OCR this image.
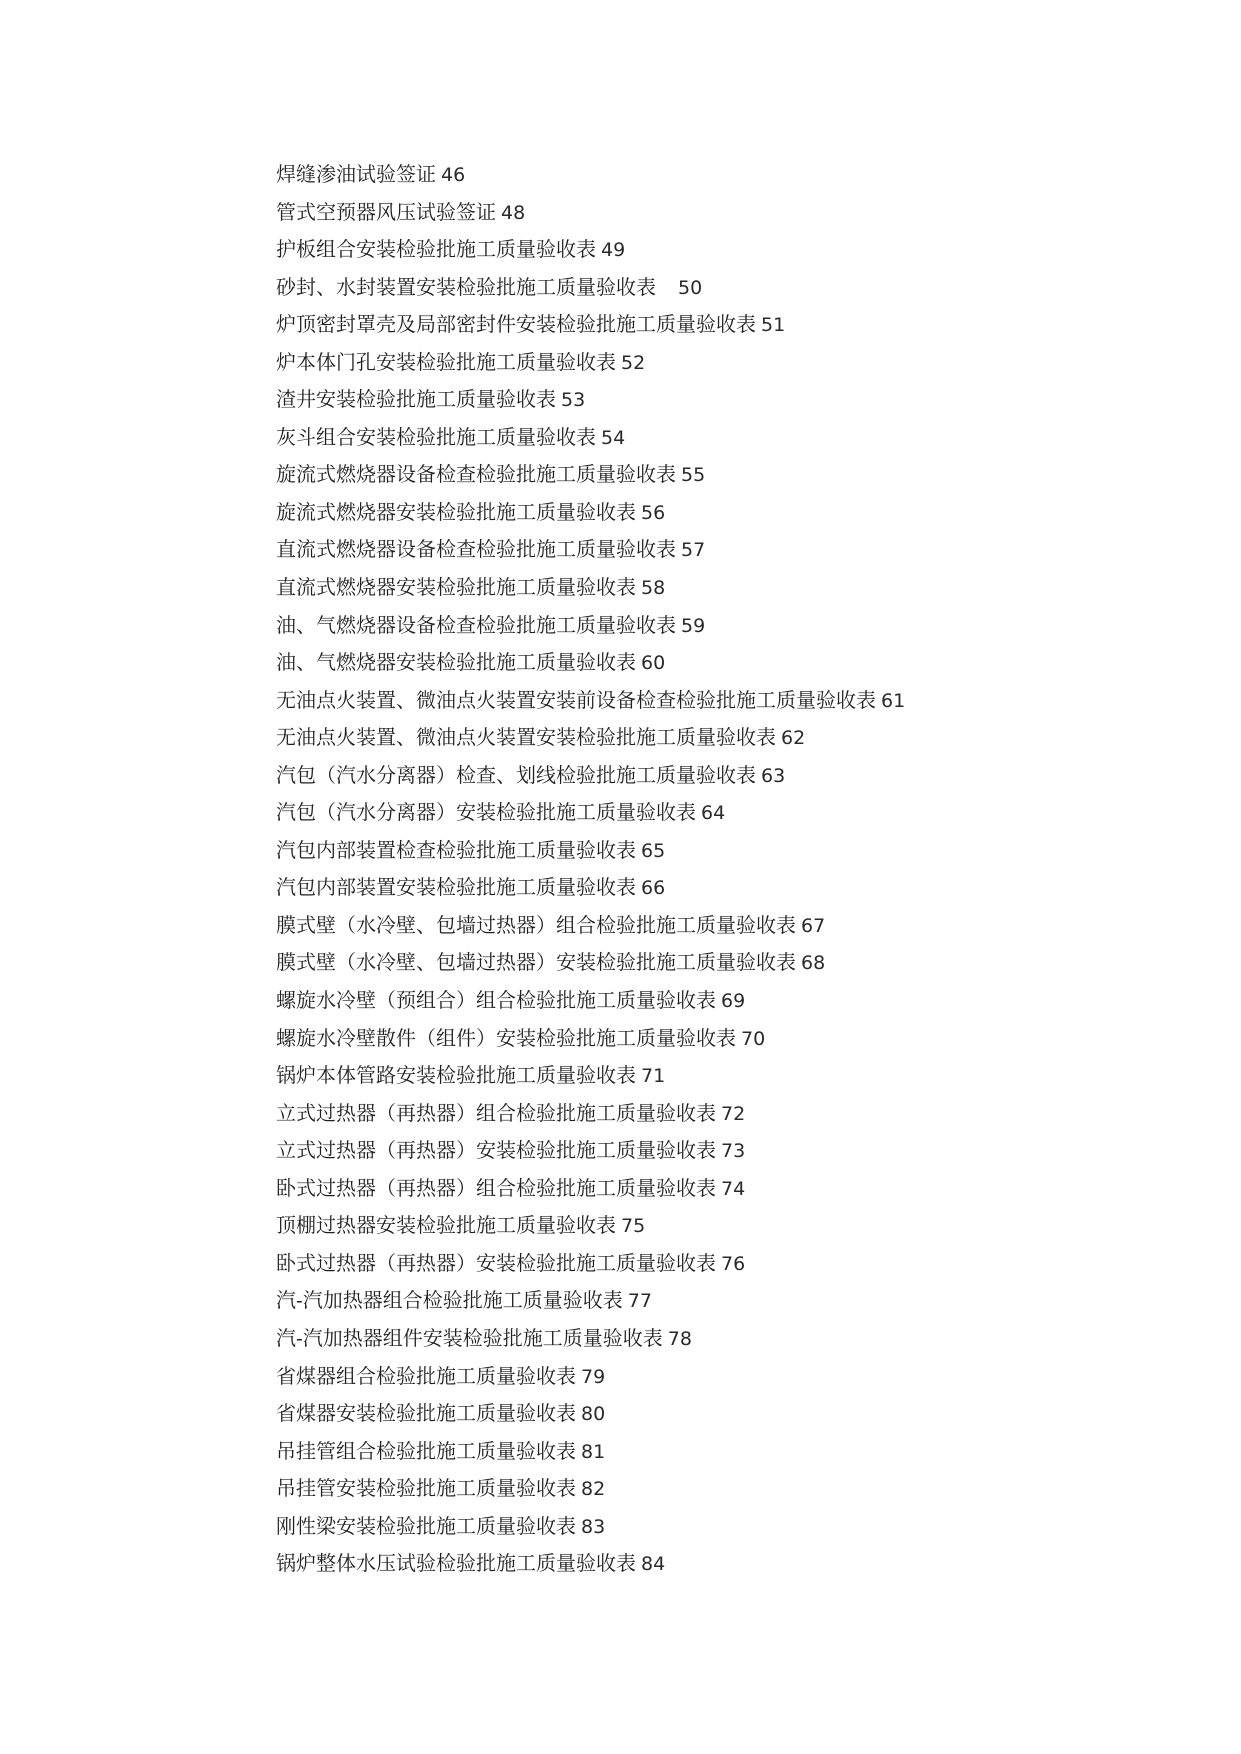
焊缝渗油试验签证 46
管式空预器风压试验签证 48
护板组合安装检验批施工质量验收表 49
砂封、水封装置安装检验批施工质量验收表 50
炉顶密封罩壳及局部密封件安装检验批施工质量验收表 51
炉本体门孔安装检验批施工质量验收表 52
渣井安装检验批施工质量验收表 53
灰斗组合安装检验批施工质量验收表 54
旋流式燃烧器设备检查检验批施工质量验收表 55
旋流式燃烧器安装检验批施工质量验收表 56
直流式燃烧器设备检查检验批施工质量验收表 57
直流式燃烧器安装检验批施工质量验收表 58
油、气燃烧器设备检查检验批施工质量验收表 59
油、气燃烧器安装检验批施工质量验收表 60
无油点火装置、微油点火装置安装前设备检查检验批施工质量验收表 61
无油点火装置、微油点火装置安装检验批施工质量验收表 62
汽包（汽水分离器）检查、划线检验批施工质量验收表 63
汽包（汽水分离器）安装检验批施工质量验收表 64
汽包内部装置检查检验批施工质量验收表 65
汽包内部装置安装检验批施工质量验收表 66
膜式壁（水冷壁、包墙过热器）组合检验批施工质量验收表 67
膜式壁（水冷壁、包墙过热器）安装检验批施工质量验收表 68
螺旋水冷壁（预组合）组合检验批施工质量验收表 69
螺旋水冷壁散件（组件）安装检验批施工质量验收表 70
锅炉本体管路安装检验批施工质量验收表 71
立式过热器（再热器）组合检验批施工质量验收表 72
立式过热器（再热器）安装检验批施工质量验收表 73
卧式过热器（再热器）组合检验批施工质量验收表 74
顶棚过热器安装检验批施工质量验收表 75
卧式过热器（再热器）安装检验批施工质量验收表 76
汽-汽加热器组合检验批施工质量验收表 77
汽-汽加热器组件安装检验批施工质量验收表 78
省煤器组合检验批施工质量验收表 79
省煤器安装检验批施工质量验收表 80
吊挂管组合检验批施工质量验收表 81
吊挂管安装检验批施工质量验收表 82
刚性梁安装检验批施工质量验收表 83
锅炉整体水压试验检验批施工质量验收表 84
